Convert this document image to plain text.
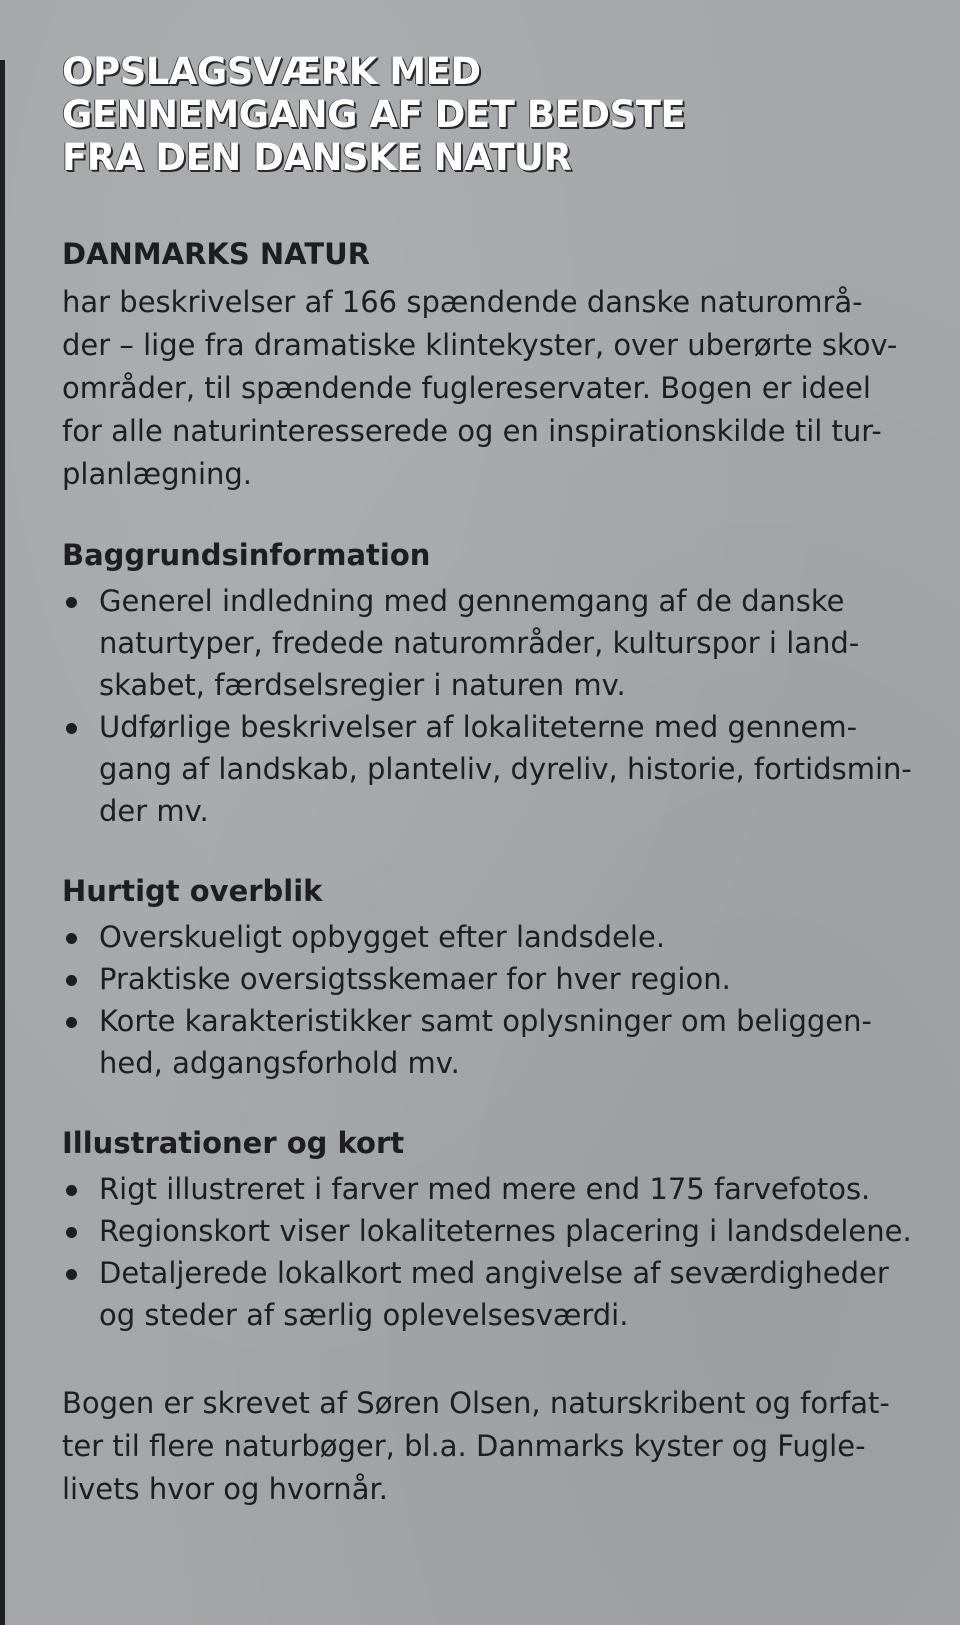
OPSLAGSVÆRK MED
GENNEMGANG AF DET BEDSTE
FRA DEN DANSKE NATUR
DANMARKS NATUR

har beskrivelser af 166 spændende danske naturområ-
der – lige fra dramatiske klintekyster, over uberørte skov-
områder, til spændende fuglereservater. Bogen er ideel
for alle naturinteresserede og en inspirationskilde til tur-
planlægning.

Baggrundsinformation
Generel indledning med gennemgang af de danske
naturtyper, fredede naturområder, kulturspor i land-
skabet, færdselsregier i naturen mv.
Udførlige beskrivelser af lokaliteterne med gennem-
gang af landskab, planteliv, dyreliv, historie, fortidsmin-
der mv.
Hurtigt overblik
Overskueligt opbygget efter landsdele.
Praktiske oversigtsskemaer for hver region.
Korte karakteristikker samt oplysninger om beliggen-
hed, adgangsforhold mv.
Illustrationer og kort
Rigt illustreret i farver med mere end 175 farvefotos.
Regionskort viser lokaliteternes placering i landsdelene.
Detaljerede lokalkort med angivelse af seværdigheder
og steder af særlig oplevelsesværdi.

Bogen er skrevet af Søren Olsen, naturskribent og forfat-
ter til flere naturbøger, bl.a. Danmarks kyster og Fugle-
livets hvor og hvornår.
